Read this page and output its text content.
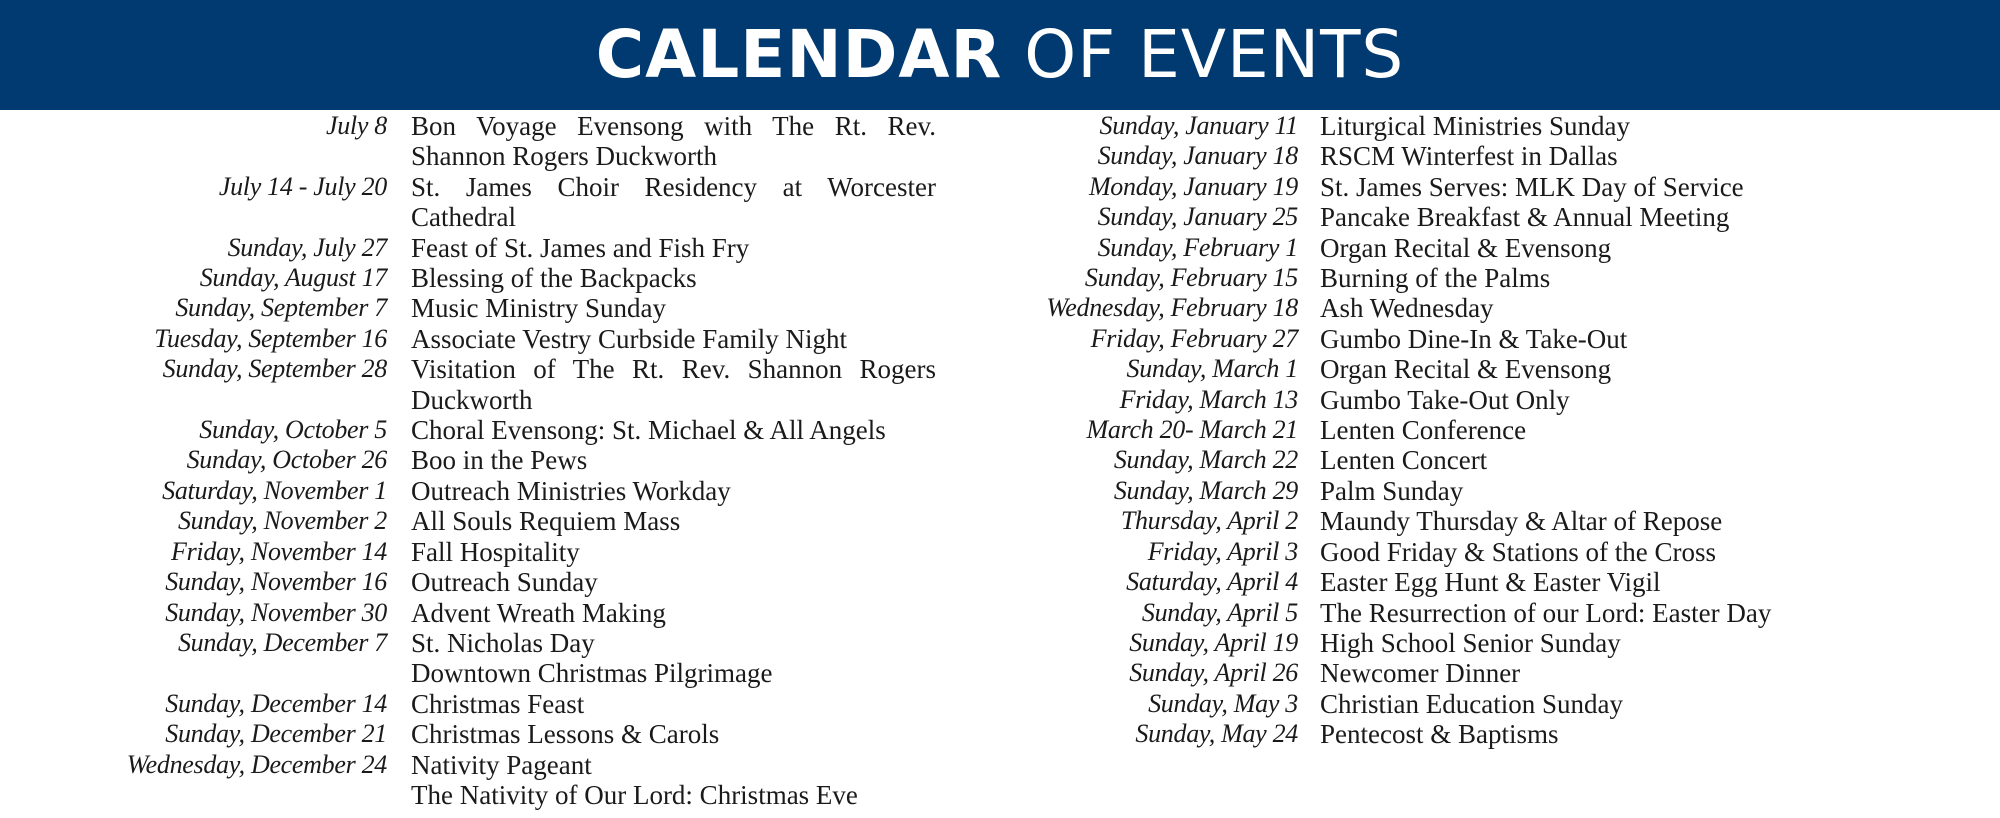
CALENDAR OF EVENTS
July 8 Bon Voyage Evensong with The Rt. Rev. Shannon Rogers Duckworth
July 14 - July 20 St. James Choir Residency at Worcester Cathedral
Sunday, July 27 Feast of St. James and Fish Fry
Sunday, August 17 Blessing of the Backpacks
Sunday, September 7 Music Ministry Sunday
Tuesday, September 16 Associate Vestry Curbside Family Night
Sunday, September 28 Visitation of The Rt. Rev. Shannon Rogers Duckworth
Sunday, October 5 Choral Evensong: St. Michael & All Angels
Sunday, October 26 Boo in the Pews
Saturday, November 1 Outreach Ministries Workday
Sunday, November 2 All Souls Requiem Mass
Friday, November 14 Fall Hospitality
Sunday, November 16 Outreach Sunday
Sunday, November 30 Advent Wreath Making
Sunday, December 7 St. Nicholas Day
Downtown Christmas Pilgrimage
Sunday, December 14 Christmas Feast
Sunday, December 21 Christmas Lessons & Carols
Wednesday, December 24 Nativity Pageant
The Nativity of Our Lord: Christmas Eve
Sunday, January 11 Liturgical Ministries Sunday
Sunday, January 18 RSCM Winterfest in Dallas
Monday, January 19 St. James Serves: MLK Day of Service
Sunday, January 25 Pancake Breakfast & Annual Meeting
Sunday, February 1 Organ Recital & Evensong
Sunday, February 15 Burning of the Palms
Wednesday, February 18 Ash Wednesday
Friday, February 27 Gumbo Dine-In & Take-Out
Sunday, March 1 Organ Recital & Evensong
Friday, March 13 Gumbo Take-Out Only
March 20- March 21 Lenten Conference
Sunday, March 22 Lenten Concert
Sunday, March 29 Palm Sunday
Thursday, April 2 Maundy Thursday & Altar of Repose
Friday, April 3 Good Friday & Stations of the Cross
Saturday, April 4 Easter Egg Hunt & Easter Vigil
Sunday, April 5 The Resurrection of our Lord: Easter Day
Sunday, April 19 High School Senior Sunday
Sunday, April 26 Newcomer Dinner
Sunday, May 3 Christian Education Sunday
Sunday, May 24 Pentecost & Baptisms
